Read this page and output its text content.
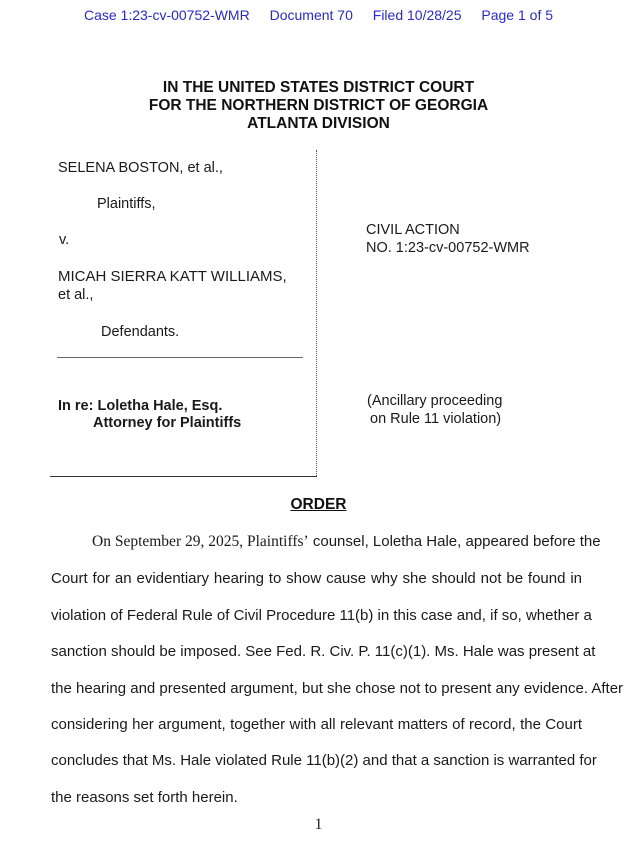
Case 1:23-cv-00752-WMR Document 70 Filed 10/28/25 Page 1 of 5
IN THE UNITED STATES DISTRICT COURT
FOR THE NORTHERN DISTRICT OF GEORGIA
ATLANTA DIVISION
SELENA BOSTON, et al.,
Plaintiffs,
v.
MICAH SIERRA KATT WILLIAMS,
et al.,
Defendants.
In re: Loletha Hale, Esq.
Attorney for Plaintiffs
CIVIL ACTION
NO. 1:23-cv-00752-WMR
(Ancillary proceeding
on Rule 11 violation)
ORDER
On September 29, 2025, Plaintiffs’ counsel, Loletha Hale, appeared before the
Court for an evidentiary hearing to show cause why she should not be found in
violation of Federal Rule of Civil Procedure 11(b) in this case and, if so, whether a
sanction should be imposed. See Fed. R. Civ. P. 11(c)(1). Ms. Hale was present at
the hearing and presented argument, but she chose not to present any evidence. After
considering her argument, together with all relevant matters of record, the Court
concludes that Ms. Hale violated Rule 11(b)(2) and that a sanction is warranted for
the reasons set forth herein.
1
